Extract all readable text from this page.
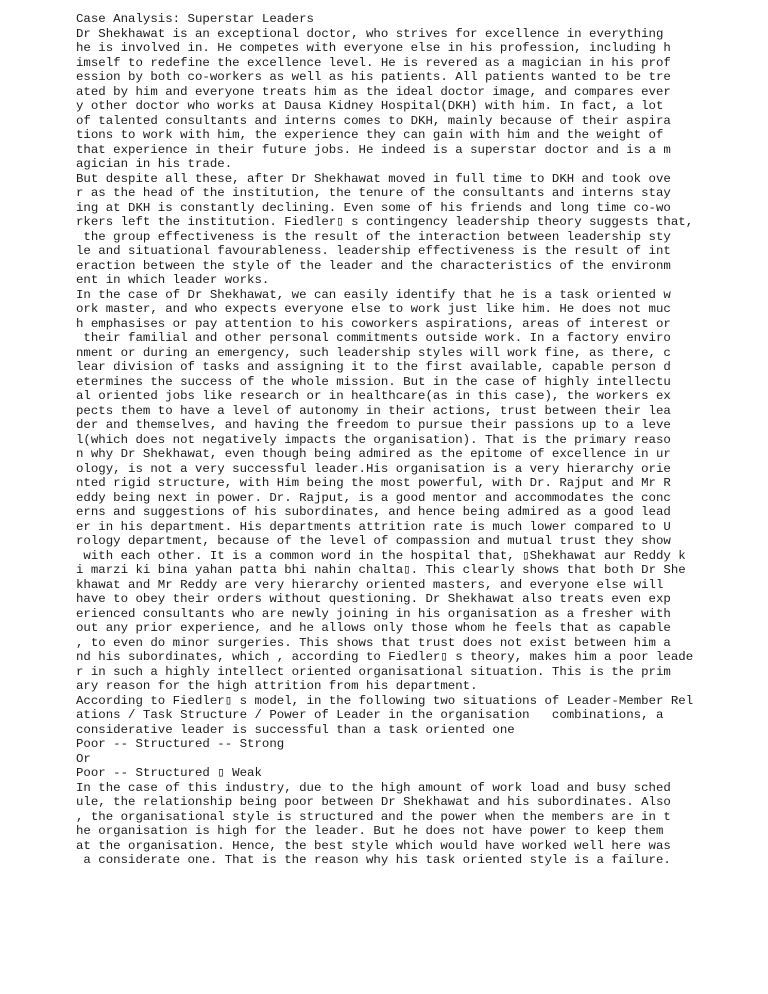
Case Analysis: Superstar Leaders
Dr Shekhawat is an exceptional doctor, who strives for excellence in everything
he is involved in. He competes with everyone else in his profession, including h
imself to redefine the excellence level. He is revered as a magician in his prof
ession by both co-workers as well as his patients. All patients wanted to be tre
ated by him and everyone treats him as the ideal doctor image, and compares ever
y other doctor who works at Dausa Kidney Hospital(DKH) with him. In fact, a lot
of talented consultants and interns comes to DKH, mainly because of their aspira
tions to work with him, the experience they can gain with him and the weight of
that experience in their future jobs. He indeed is a superstar doctor and is a m
agician in his trade.
But despite all these, after Dr Shekhawat moved in full time to DKH and took ove
r as the head of the institution, the tenure of the consultants and interns stay
ing at DKH is constantly declining. Even some of his friends and long time co-wo
rkers left the institution. Fiedler▯ s contingency leadership theory suggests that,
the group effectiveness is the result of the interaction between leadership sty
le and situational favourableness. leadership effectiveness is the result of int
eraction between the style of the leader and the characteristics of the environm
ent in which leader works.
In the case of Dr Shekhawat, we can easily identify that he is a task oriented w
ork master, and who expects everyone else to work just like him. He does not muc
h emphasises or pay attention to his coworkers aspirations, areas of interest or
their familial and other personal commitments outside work. In a factory enviro
nment or during an emergency, such leadership styles will work fine, as there, c
lear division of tasks and assigning it to the first available, capable person d
etermines the success of the whole mission. But in the case of highly intellectu
al oriented jobs like research or in healthcare(as in this case), the workers ex
pects them to have a level of autonomy in their actions, trust between their lea
der and themselves, and having the freedom to pursue their passions up to a leve
l(which does not negatively impacts the organisation). That is the primary reaso
n why Dr Shekhawat, even though being admired as the epitome of excellence in ur
ology, is not a very successful leader.His organisation is a very hierarchy orie
nted rigid structure, with Him being the most powerful, with Dr. Rajput and Mr R
eddy being next in power. Dr. Rajput, is a good mentor and accommodates the conc
erns and suggestions of his subordinates, and hence being admired as a good lead
er in his department. His departments attrition rate is much lower compared to U
rology department, because of the level of compassion and mutual trust they show
with each other. It is a common word in the hospital that, ▯Shekhawat aur Reddy k
i marzi ki bina yahan patta bhi nahin chalta▯. This clearly shows that both Dr She
khawat and Mr Reddy are very hierarchy oriented masters, and everyone else will
have to obey their orders without questioning. Dr Shekhawat also treats even exp
erienced consultants who are newly joining in his organisation as a fresher with
out any prior experience, and he allows only those whom he feels that as capable
, to even do minor surgeries. This shows that trust does not exist between him a
nd his subordinates, which , according to Fiedler▯ s theory, makes him a poor leade
r in such a highly intellect oriented organisational situation. This is the prim
ary reason for the high attrition from his department.
According to Fiedler▯ s model, in the following two situations of Leader-Member Rel
ations / Task Structure / Power of Leader in the organisation   combinations, a
considerative leader is successful than a task oriented one
Poor -- Structured -- Strong
Or
Poor -- Structured ▯ Weak
In the case of this industry, due to the high amount of work load and busy sched
ule, the relationship being poor between Dr Shekhawat and his subordinates. Also
, the organisational style is structured and the power when the members are in t
he organisation is high for the leader. But he does not have power to keep them
at the organisation. Hence, the best style which would have worked well here was
a considerate one. That is the reason why his task oriented style is a failure.
